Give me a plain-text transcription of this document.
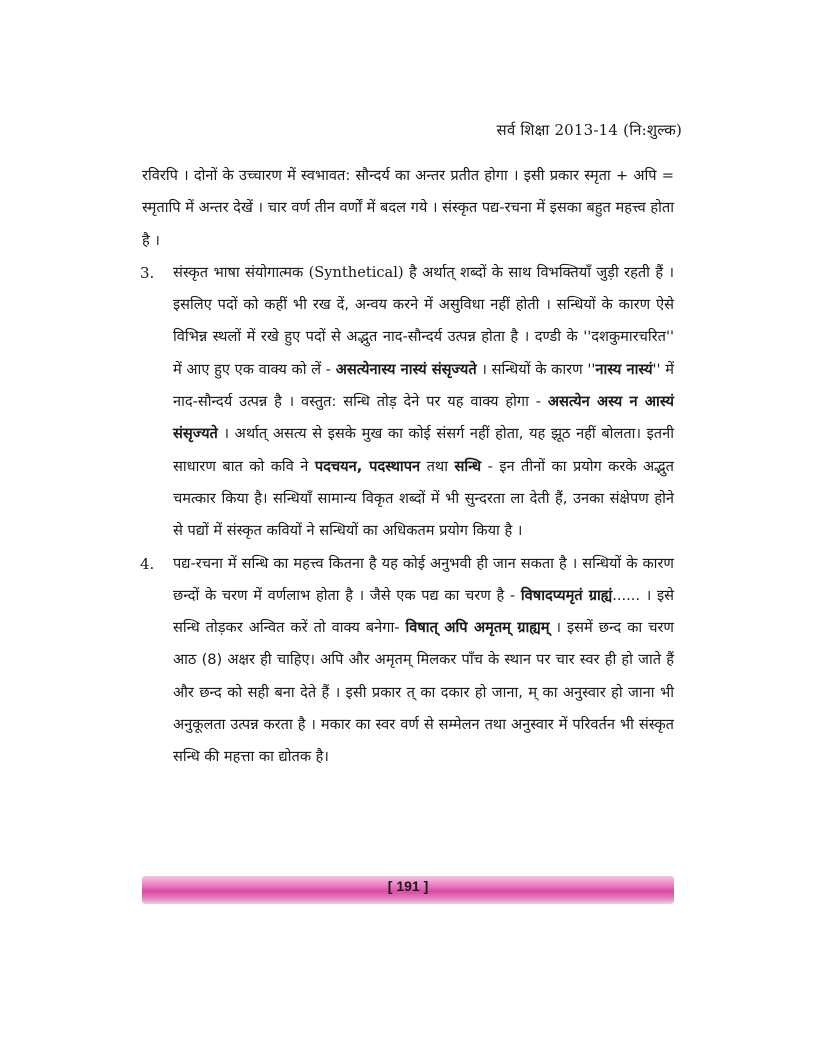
सर्व शिक्षा 2013-14 (नि:शुल्क)

रविरपि । दोनों के उच्चारण में स्वभावत: सौन्दर्य का अन्तर प्रतीत होगा । इसी प्रकार स्मृता + अपि = स्मृतापि में अन्तर देखें । चार वर्ण तीन वर्णों में बदल गये । संस्कृत पद्य-रचना में इसका बहुत महत्त्व होता है ।

3. संस्कृत भाषा संयोगात्मक (Synthetical) है अर्थात् शब्दों के साथ विभक्तियाँ जुड़ी रहती हैं । इसलिए पदों को कहीं भी रख दें, अन्वय करने में असुविधा नहीं होती । सन्धियों के कारण ऐसे विभिन्न स्थलों में रखे हुए पदों से अद्भुत नाद-सौन्दर्य उत्पन्न होता है । दण्डी के ''दशकुमारचरित'' में आए हुए एक वाक्य को लें - असत्येनास्य नास्यं संसृज्यते । सन्धियों के कारण ''नास्य नास्यं'' में नाद-सौन्दर्य उत्पन्न है । वस्तुत: सन्धि तोड़ देने पर यह वाक्य होगा - असत्येन अस्य न आस्यं संसृज्यते । अर्थात् असत्य से इसके मुख का कोई संसर्ग नहीं होता, यह झूठ नहीं बोलता। इतनी साधारण बात को कवि ने पदचयन, पदस्थापन तथा सन्धि - इन तीनों का प्रयोग करके अद्भुत चमत्कार किया है। सन्धियाँ सामान्य विकृत शब्दों में भी सुन्दरता ला देती हैं, उनका संक्षेपण होने से पद्यों में संस्कृत कवियों ने सन्धियों का अधिकतम प्रयोग किया है ।
4. पद्य-रचना में सन्धि का महत्त्व कितना है यह कोई अनुभवी ही जान सकता है । सन्धियों के कारण छन्दों के चरण में वर्णलाभ होता है । जैसे एक पद्य का चरण है - विषादप्यमृतं ग्राह्यं...... । इसे सन्धि तोड़कर अन्वित करें तो वाक्य बनेगा- विषात् अपि अमृतम् ग्राह्यम् । इसमें छन्द का चरण आठ (8) अक्षर ही चाहिए। अपि और अमृतम् मिलकर पाँच के स्थान पर चार स्वर ही हो जाते हैं और छन्द को सही बना देते हैं । इसी प्रकार त् का दकार हो जाना, म् का अनुस्वार हो जाना भी अनुकूलता उत्पन्न करता है । मकार का स्वर वर्ण से सम्मेलन तथा अनुस्वार में परिवर्तन भी संस्कृत सन्धि की महत्ता का द्योतक है।
[ 191 ]
